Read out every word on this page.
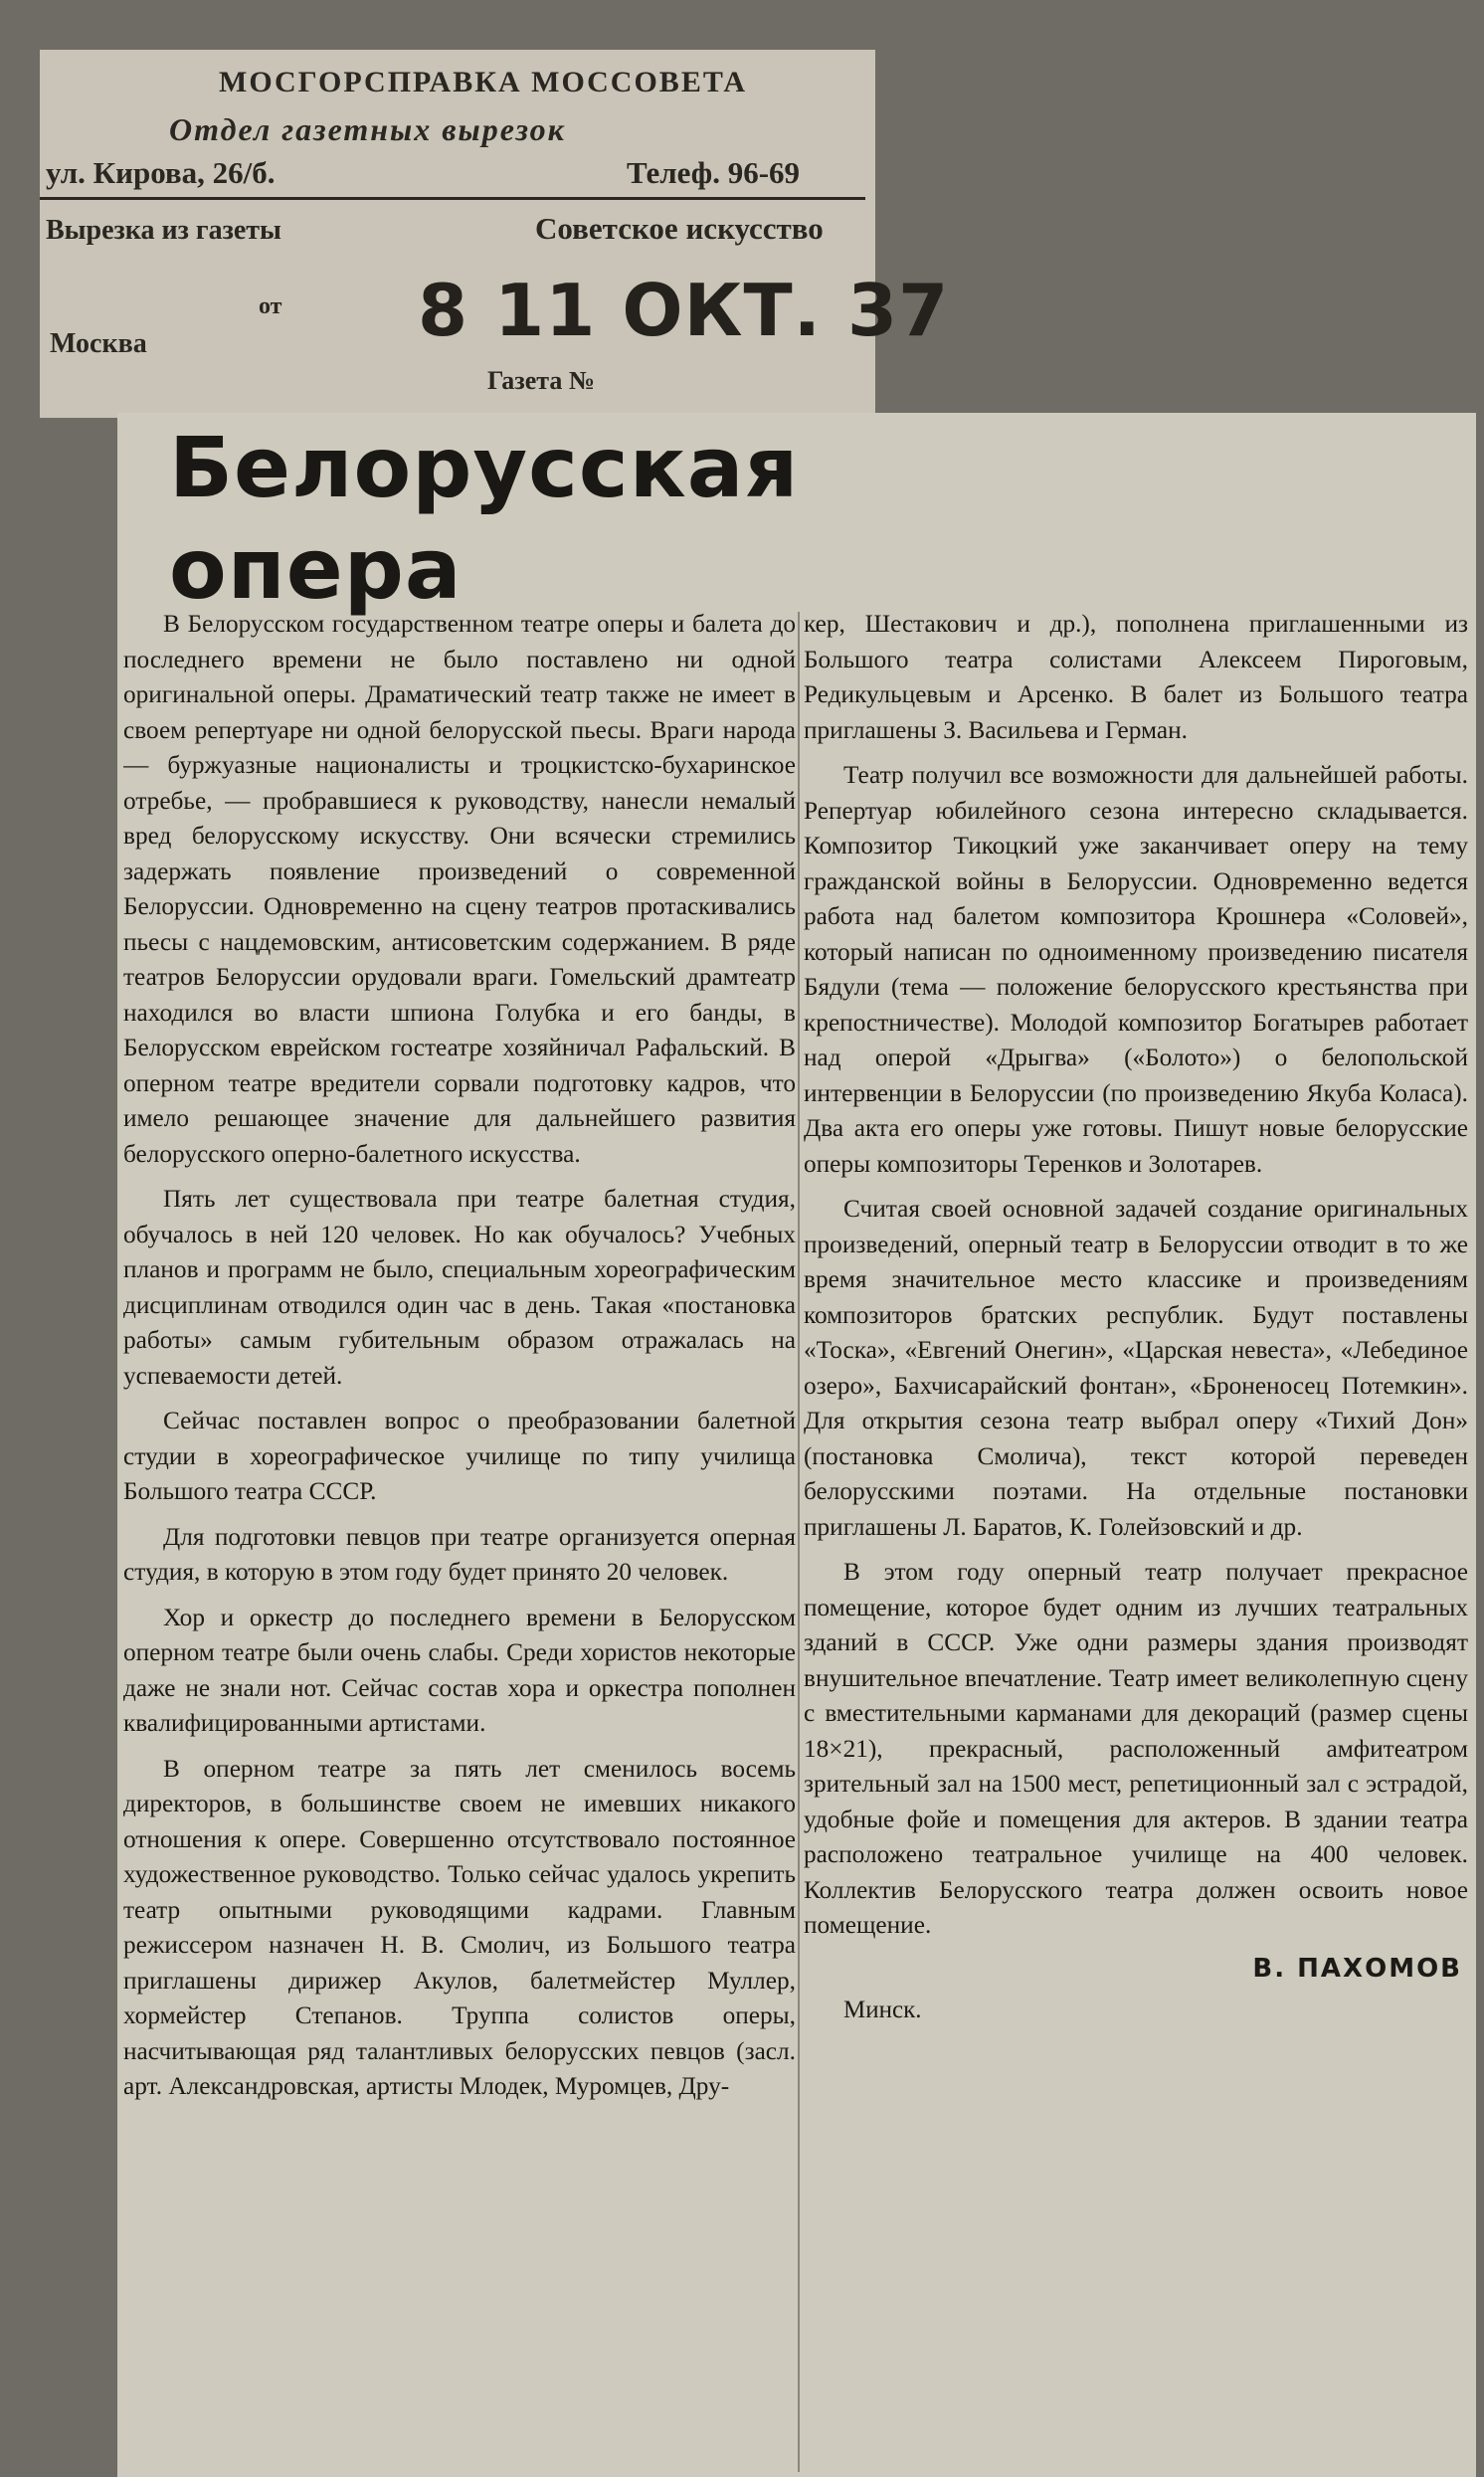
МОСГОРСПРАВКА МОССОВЕТА
Отдел газетных вырезок
ул. Кирова, 26/б.	Телеф. 96-69
Вырезка из газеты	Советское искусство
от
Москва
Газета №
8 11 ОКТ. 37
Белорусская
опера

В Белорусском государственном театре оперы и балета до последнего времени не было поставлено ни одной оригинальной оперы. Драматический театр также не имеет в своем репертуаре ни одной белорусской пьесы. Враги народа — буржуазные националисты и троцкистско-бухаринское отребье, — пробравшиеся к руководству, нанесли немалый вред белорусскому искусству. Они всячески стремились задержать появление произведений о современной Белоруссии. Одновременно на сцену театров протаскивались пьесы с нацдемовским, антисоветским содержанием. В ряде театров Белоруссии орудовали враги. Гомельский драмтеатр находился во власти шпиона Голубка и его банды, в Белорусском еврейском гостеатре хозяйничал Рафальский. В оперном театре вредители сорвали подготовку кадров, что имело решающее значение для дальнейшего развития белорусского оперно-балетного искусства.

Пять лет существовала при театре балетная студия, обучалось в ней 120 человек. Но как обучалось? Учебных планов и программ не было, специальным хореографическим дисциплинам отводился один час в день. Такая «постановка работы» самым губительным образом отражалась на успеваемости детей.

Сейчас поставлен вопрос о преобразовании балетной студии в хореографическое училище по типу училища Большого театра СССР.

Для подготовки певцов при театре организуется оперная студия, в которую в этом году будет принято 20 человек.

Хор и оркестр до последнего времени в Белорусском оперном театре были очень слабы. Среди хористов некоторые даже не знали нот. Сейчас состав хора и оркестра пополнен квалифицированными артистами.

В оперном театре за пять лет сменилось восемь директоров, в большинстве своем не имевших никакого отношения к опере. Совершенно отсутствовало постоянное художественное руководство. Только сейчас удалось укрепить театр опытными руководящими кадрами. Главным режиссером назначен Н. В. Смолич, из Большого театра приглашены дирижер Акулов, балетмейстер Муллер, хормейстер Степанов. Труппа солистов оперы, насчитывающая ряд талантливых белорусских певцов (засл. арт. Александровская, артисты Млодек, Муромцев, Дру-

кер, Шестакович и др.), пополнена приглашенными из Большого театра солистами Алексеем Пироговым, Редикульцевым и Арсенко. В балет из Большого театра приглашены З. Васильева и Герман.

Театр получил все возможности для дальнейшей работы. Репертуар юбилейного сезона интересно складывается. Композитор Тикоцкий уже заканчивает оперу на тему гражданской войны в Белоруссии. Одновременно ведется работа над балетом композитора Крошнера «Соловей», который написан по одноименному произведению писателя Бядули (тема — положение белорусского крестьянства при крепостничестве). Молодой композитор Богатырев работает над оперой «Дрыгва» («Болото») о белопольской интервенции в Белоруссии (по произведению Якуба Коласа). Два акта его оперы уже готовы. Пишут новые белорусские оперы композиторы Теренков и Золотарев.

Считая своей основной задачей создание оригинальных произведений, оперный театр в Белоруссии отводит в то же время значительное место классике и произведениям композиторов братских республик. Будут поставлены «Тоска», «Евгений Онегин», «Царская невеста», «Лебединое озеро», Бахчисарайский фонтан», «Броненосец Потемкин». Для открытия сезона театр выбрал оперу «Тихий Дон» (постановка Смолича), текст которой переведен белорусскими поэтами. На отдельные постановки приглашены Л. Баратов, К. Голейзовский и др.

В этом году оперный театр получает прекрасное помещение, которое будет одним из лучших театральных зданий в СССР. Уже одни размеры здания производят внушительное впечатление. Театр имеет великолепную сцену с вместительными карманами для декораций (размер сцены 18×21), прекрасный, расположенный амфитеатром зрительный зал на 1500 мест, репетиционный зал с эстрадой, удобные фойе и помещения для актеров. В здании театра расположено театральное училище на 400 человек. Коллектив Белорусского театра должен освоить новое помещение.

В. ПАХОМОВ
Минск.
